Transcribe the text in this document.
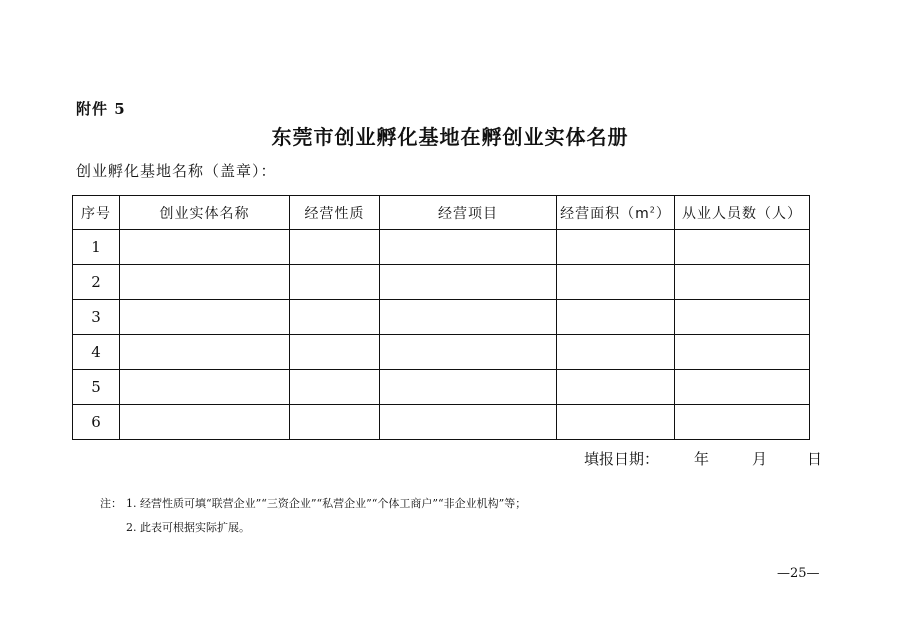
附件 5
东莞市创业孵化基地在孵创业实体名册
创业孵化基地名称（盖章）：
序号	创业实体名称	经营性质	经营项目	经营面积$(m^2)$	从业人员数（人）
1					
2					
3					
4					
5					
6					
填报日期： 年	月	日
注： 1. 经营性质可填“联营企业”“三资企业”“私营企业”“个体工商户”“非企业机构”等；
2. 此表可根据实际扩展。
—25—
